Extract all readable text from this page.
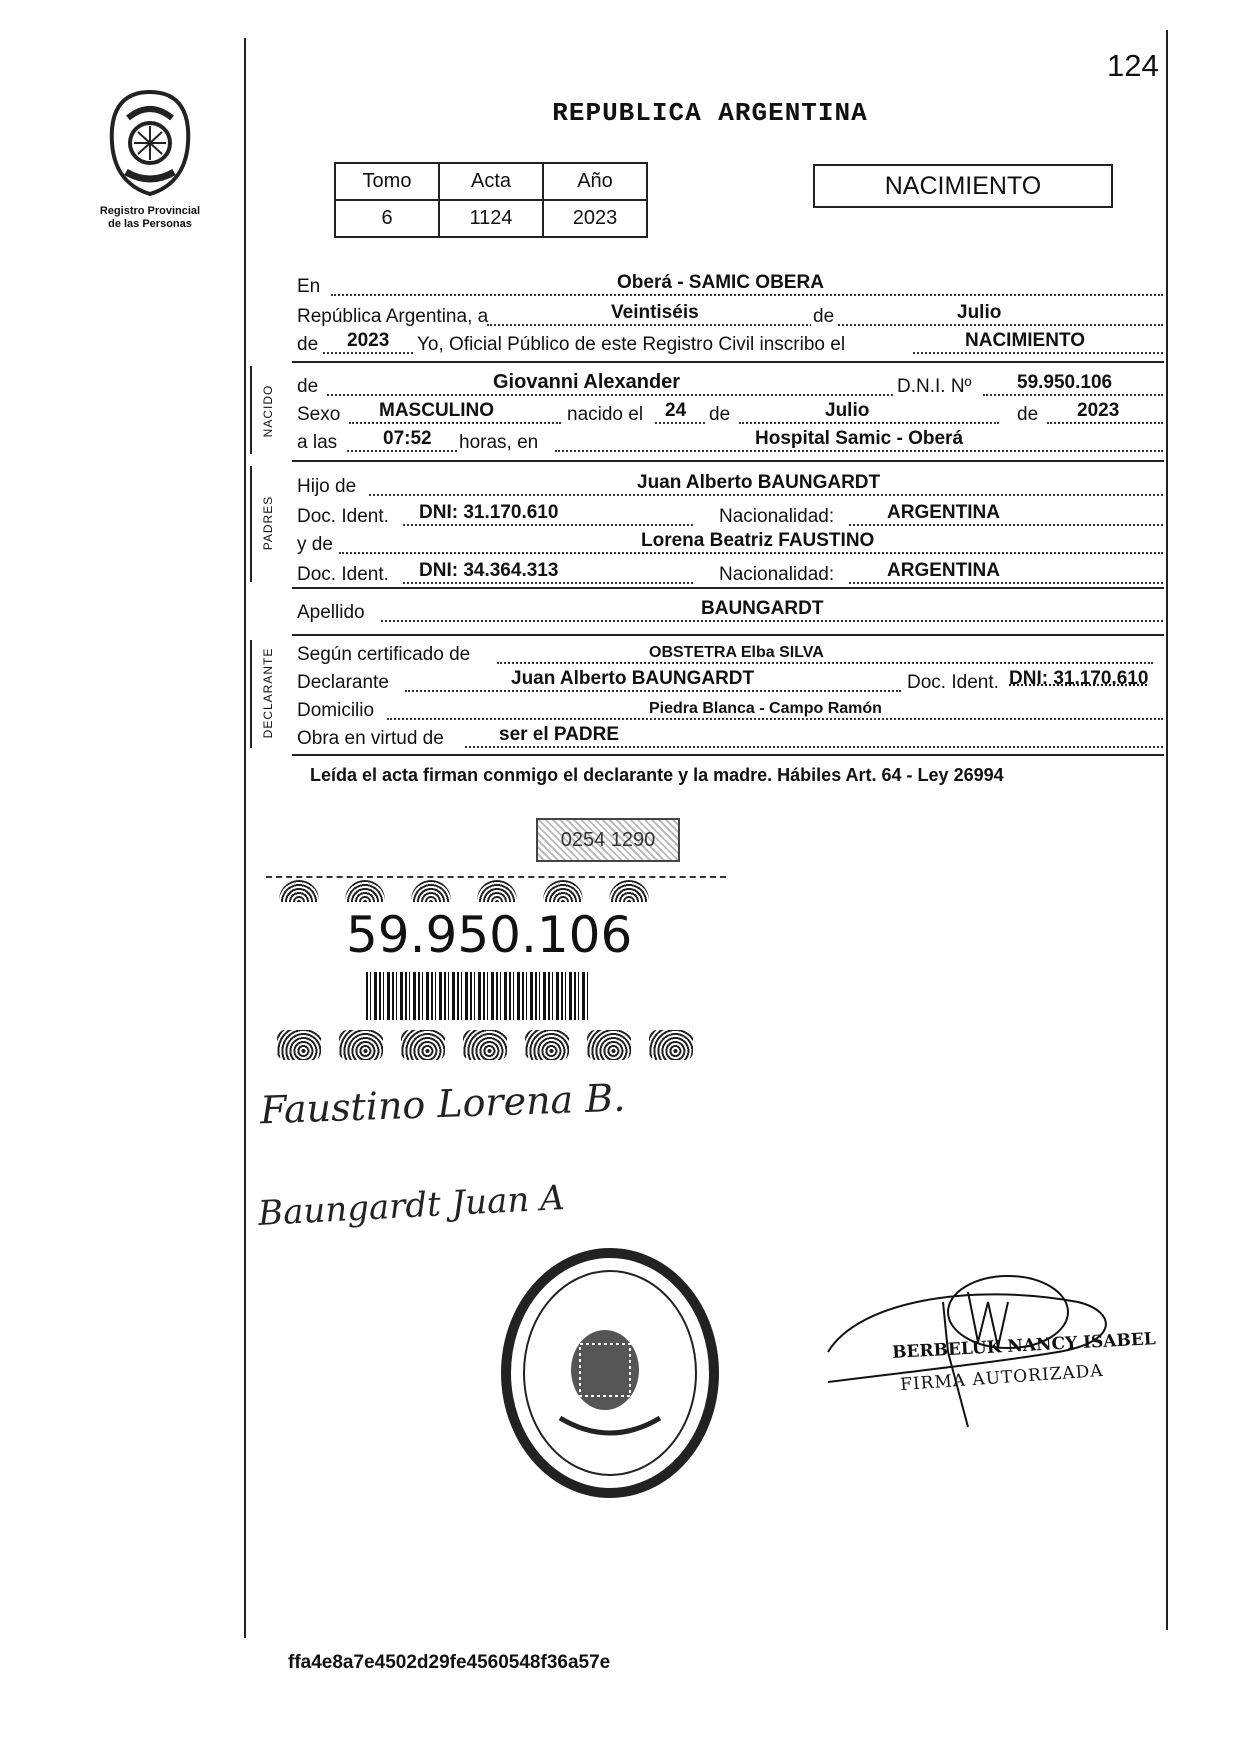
124
Registro Provincial
de las Personas
REPUBLICA ARGENTINA
Tomo	Acta	Año
6	1124	2023
NACIMIENTO
En	Oberá - SAMIC OBERA
República Argentina, a	Veintiséis	de	Julio
de 2023 Yo, Oficial Público de este Registro Civil inscribo el	NACIMIENTO
NACIDO de	Giovanni Alexander	D.N.I. Nº 59.950.106
Sexo MASCULINO	nacido el 24 de	Julio	de 2023
a las 07:52 horas, en	Hospital Samic - Oberá
PADRES
Hijo de	Juan Alberto BAUNGARDT
Doc. Ident. DNI: 31.170.610	Nacionalidad:	ARGENTINA
y de	Lorena Beatriz FAUSTINO
Doc. Ident. DNI: 34.364.313	Nacionalidad:	ARGENTINA
Apellido	BAUNGARDT
DECLARANTE Según certificado de	OBSTETRA Elba SILVA
Declarante	Juan Alberto BAUNGARDT	Doc. Ident. DNI: 31.170.610
Domicilio	Piedra Blanca - Campo Ramón
Obra en virtud de	ser el PADRE
Leída el acta firman conmigo el declarante y la madre. Hábiles Art. 64 - Ley 26994
0254 1290
59.950.106
Faustino Lorena B.
Baungardt Juan A
BERBELUK NANCY ISABEL
FIRMA AUTORIZADA
ffa4e8a7e4502d29fe4560548f36a57e
